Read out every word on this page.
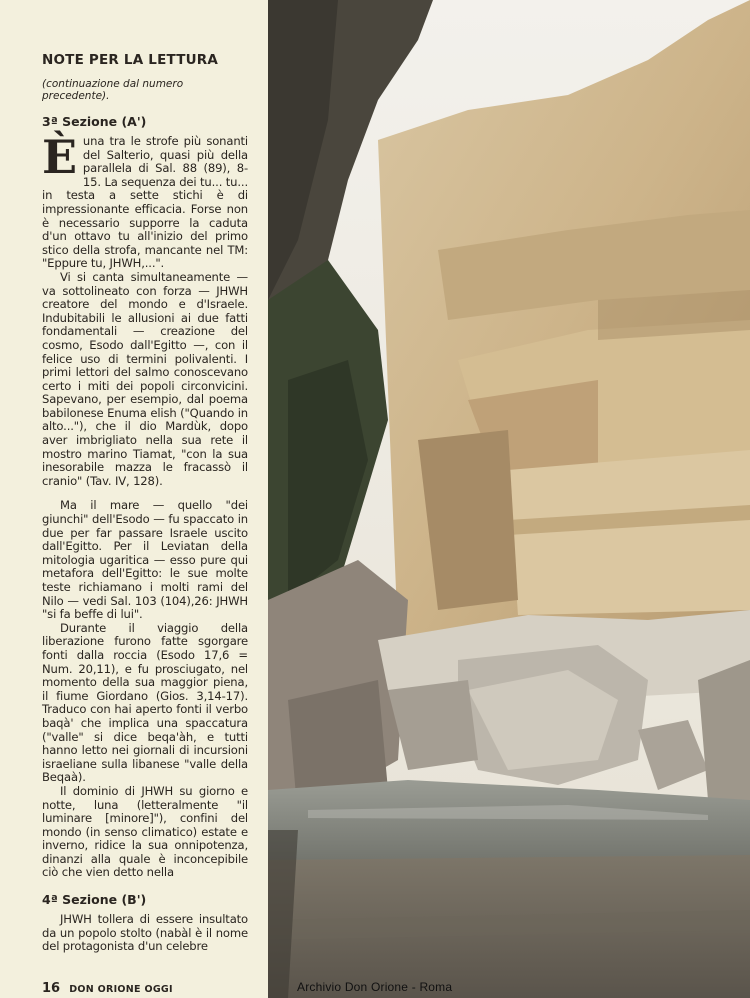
NOTE PER LA LETTURA

(continuazione dal numero precedente).

3ª Sezione (A')

Èuna tra le strofe più sonanti del Salterio, quasi più della parallela di Sal. 88 (89), 8-15. La sequenza dei tu... tu... in testa a sette stichi è di impressionante efficacia. Forse non è necessario supporre la caduta d'un ottavo tu all'inizio del primo stico della strofa, mancante nel TM: "Eppure tu, JHWH,...".

Vi si canta simultaneamente — va sottolineato con forza — JHWH creatore del mondo e d'Israele. Indubitabili le allusioni ai due fatti fondamentali — creazione del cosmo, Esodo dall'Egitto —, con il felice uso di termini polivalenti. I primi lettori del salmo conoscevano certo i miti dei popoli circonvicini. Sapevano, per esempio, dal poema babilonese Enuma elish ("Quando in alto..."), che il dio Mardùk, dopo aver imbrigliato nella sua rete il mostro marino Tiamat, "con la sua inesorabile mazza le fracassò il cranio" (Tav. IV, 128).

Ma il mare — quello "dei giunchi" dell'Esodo — fu spaccato in due per far passare Israele uscito dall'Egitto. Per il Leviatan della mitologia ugaritica — esso pure qui metafora dell'Egitto: le sue molte teste richiamano i molti rami del Nilo — vedi Sal. 103 (104),26: JHWH "si fa beffe di lui".

Durante il viaggio della liberazione furono fatte sgorgare fonti dalla roccia (Esodo 17,6 = Num. 20,11), e fu prosciugato, nel momento della sua maggior piena, il fiume Giordano (Gios. 3,14-17). Traduco con hai aperto fonti il verbo baqà' che implica una spaccatura ("valle" si dice beqa'àh, e tutti hanno letto nei giornali di incursioni israeliane sulla libanese "valle della Beqaà).

Il dominio di JHWH su giorno e notte, luna (letteralmente "il luminare [minore]"), confini del mondo (in senso climatico) estate e inverno, ridice la sua onnipotenza, dinanzi alla quale è inconcepibile ciò che vien detto nella

4ª Sezione (B')

JHWH tollera di essere insultato da un popolo stolto (nabàl è il nome del protagonista d'un celebre

16 DON ORIONE OGGI	Archivio Don Orione - Roma
